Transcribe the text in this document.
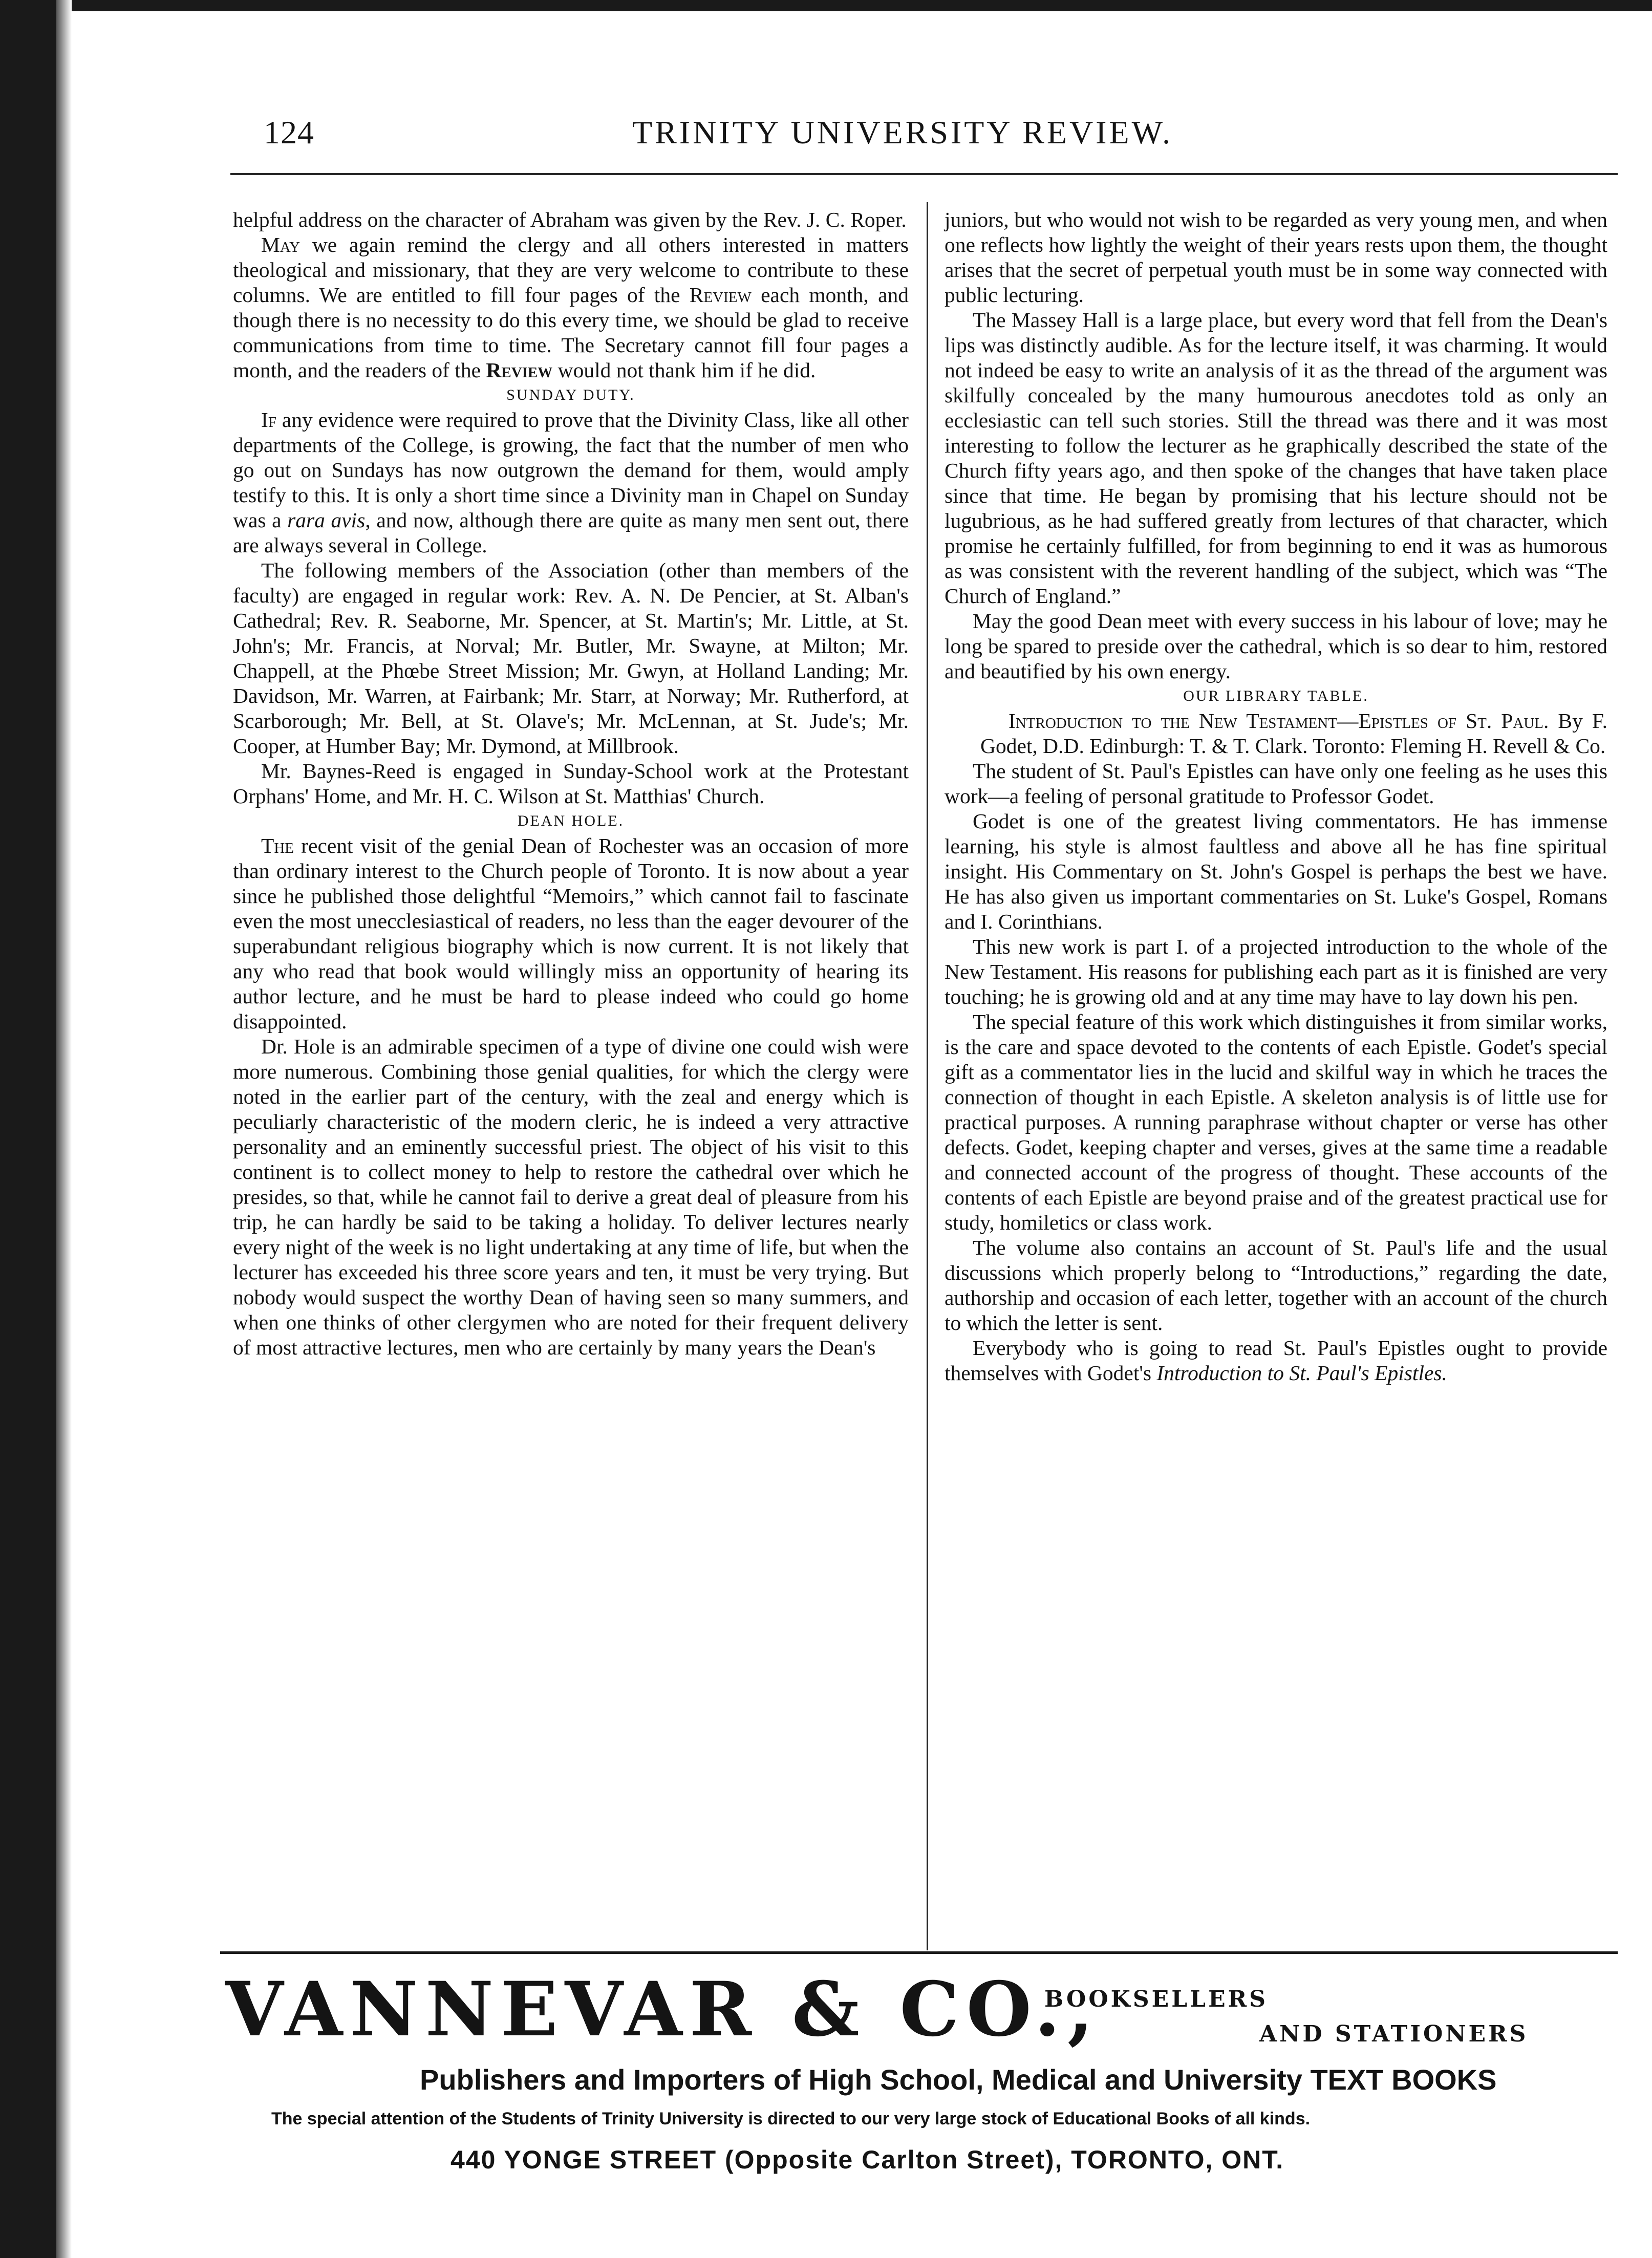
124	TRINITY UNIVERSITY REVIEW.

helpful address on the character of Abraham was given by the Rev. J. C. Roper.

May we again remind the clergy and all others interested in matters theological and missionary, that they are very welcome to contribute to these columns. We are entitled to fill four pages of the Review each month, and though there is no necessity to do this every time, we should be glad to receive communications from time to time. The Secretary cannot fill four pages a month, and the readers of the Review would not thank him if he did.

SUNDAY DUTY.

If any evidence were required to prove that the Divinity Class, like all other departments of the College, is growing, the fact that the number of men who go out on Sundays has now outgrown the demand for them, would amply testify to this. It is only a short time since a Divinity man in Chapel on Sunday was a rara avis, and now, although there are quite as many men sent out, there are always several in College.

The following members of the Association (other than members of the faculty) are engaged in regular work: Rev. A. N. De Pencier, at St. Alban's Cathedral; Rev. R. Seaborne, Mr. Spencer, at St. Martin's; Mr. Little, at St. John's; Mr. Francis, at Norval; Mr. Butler, Mr. Swayne, at Milton; Mr. Chappell, at the Phœbe Street Mission; Mr. Gwyn, at Holland Landing; Mr. Davidson, Mr. Warren, at Fairbank; Mr. Starr, at Norway; Mr. Rutherford, at Scarborough; Mr. Bell, at St. Olave's; Mr. McLennan, at St. Jude's; Mr. Cooper, at Humber Bay; Mr. Dymond, at Millbrook.

Mr. Baynes-Reed is engaged in Sunday-School work at the Protestant Orphans' Home, and Mr. H. C. Wilson at St. Matthias' Church.

DEAN HOLE.

The recent visit of the genial Dean of Rochester was an occasion of more than ordinary interest to the Church people of Toronto. It is now about a year since he published those delightful “Memoirs,” which cannot fail to fascinate even the most unecclesiastical of readers, no less than the eager devourer of the superabundant religious biography which is now current. It is not likely that any who read that book would willingly miss an opportunity of hearing its author lecture, and he must be hard to please indeed who could go home disappointed.

Dr. Hole is an admirable specimen of a type of divine one could wish were more numerous. Combining those genial qualities, for which the clergy were noted in the earlier part of the century, with the zeal and energy which is peculiarly characteristic of the modern cleric, he is indeed a very attractive personality and an eminently successful priest. The object of his visit to this continent is to collect money to help to restore the cathedral over which he presides, so that, while he cannot fail to derive a great deal of pleasure from his trip, he can hardly be said to be taking a holiday. To deliver lectures nearly every night of the week is no light undertaking at any time of life, but when the lecturer has exceeded his three score years and ten, it must be very trying. But nobody would suspect the worthy Dean of having seen so many summers, and when one thinks of other clergymen who are noted for their frequent delivery of most attractive lectures, men who are certainly by many years the Dean's

juniors, but who would not wish to be regarded as very young men, and when one reflects how lightly the weight of their years rests upon them, the thought arises that the secret of perpetual youth must be in some way connected with public lecturing.

The Massey Hall is a large place, but every word that fell from the Dean's lips was distinctly audible. As for the lecture itself, it was charming. It would not indeed be easy to write an analysis of it as the thread of the argument was skilfully concealed by the many humourous anecdotes told as only an ecclesiastic can tell such stories. Still the thread was there and it was most interesting to follow the lecturer as he graphically described the state of the Church fifty years ago, and then spoke of the changes that have taken place since that time. He began by promising that his lecture should not be lugubrious, as he had suffered greatly from lectures of that character, which promise he certainly fulfilled, for from beginning to end it was as humorous as was consistent with the reverent handling of the subject, which was “The Church of England.”

May the good Dean meet with every success in his labour of love; may he long be spared to preside over the cathedral, which is so dear to him, restored and beautified by his own energy.

OUR LIBRARY TABLE.

Introduction to the New Testament—Epistles of St. Paul. By F. Godet, D.D. Edinburgh: T. & T. Clark. Toronto: Fleming H. Revell & Co.

The student of St. Paul's Epistles can have only one feeling as he uses this work—a feeling of personal gratitude to Professor Godet.

Godet is one of the greatest living commentators. He has immense learning, his style is almost faultless and above all he has fine spiritual insight. His Commentary on St. John's Gospel is perhaps the best we have. He has also given us important commentaries on St. Luke's Gospel, Romans and I. Corinthians.

This new work is part I. of a projected introduction to the whole of the New Testament. His reasons for publishing each part as it is finished are very touching; he is growing old and at any time may have to lay down his pen.

The special feature of this work which distinguishes it from similar works, is the care and space devoted to the contents of each Epistle. Godet's special gift as a commentator lies in the lucid and skilful way in which he traces the connection of thought in each Epistle. A skeleton analysis is of little use for practical purposes. A running paraphrase without chapter or verse has other defects. Godet, keeping chapter and verses, gives at the same time a readable and connected account of the progress of thought. These accounts of the contents of each Epistle are beyond praise and of the greatest practical use for study, homiletics or class work.

The volume also contains an account of St. Paul's life and the usual discussions which properly belong to “Introductions,” regarding the date, authorship and occasion of each letter, together with an account of the church to which the letter is sent.

Everybody who is going to read St. Paul's Epistles ought to provide themselves with Godet's Introduction to St. Paul's Epistles.

VANNEVAR & CO.,
BOOKSELLERS
AND STATIONERS
Publishers and Importers of High School, Medical and University TEXT BOOKS
The special attention of the Students of Trinity University is directed to our very large stock of Educational Books of all kinds.
440 YONGE STREET (Opposite Carlton Street), TORONTO, ONT.
